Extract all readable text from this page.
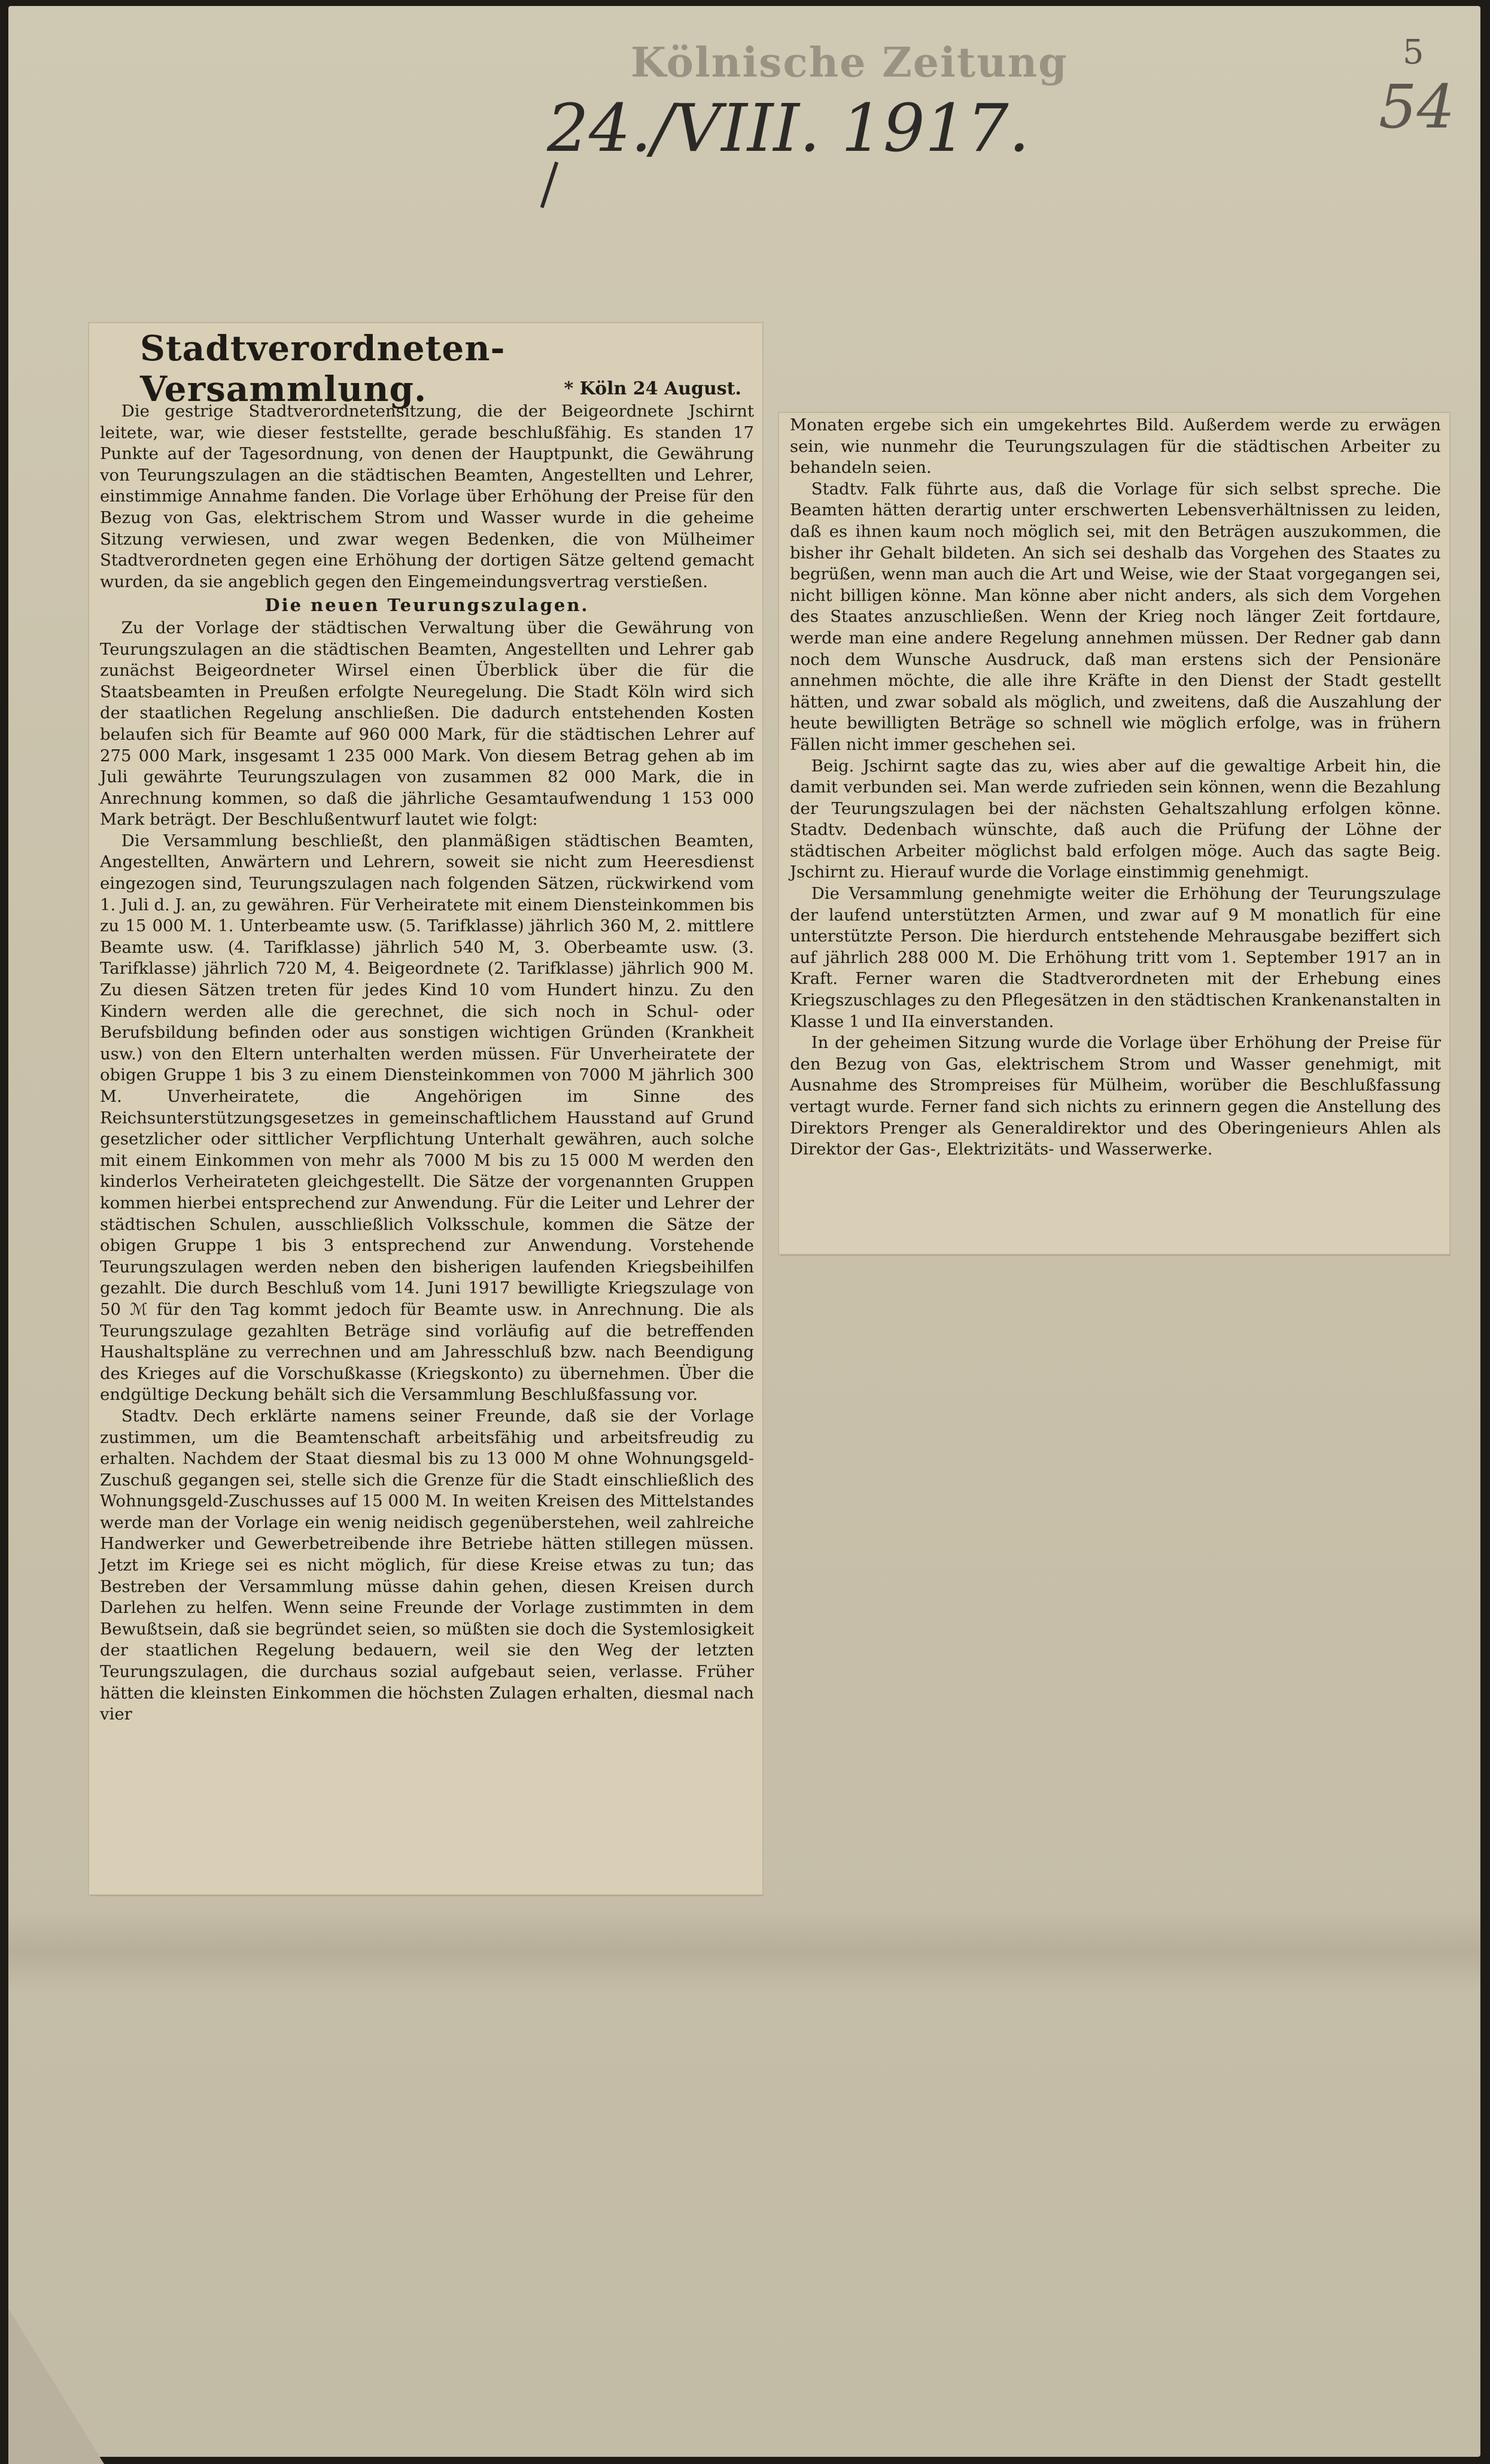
5
Kölnische Zeitung
24./VIII. 1917.	54
Stadtverordneten-Versammlung.	* Köln 24 August.

Die gestrige Stadtverordnetensitzung, die der Beigeordnete Jschirnt leitete, war, wie dieser feststellte, gerade beschlußfähig. Es standen 17 Punkte auf der Tagesordnung, von denen der Hauptpunkt, die Gewährung von Teurungszulagen an die städtischen Beamten, Angestellten und Lehrer, einstimmige Annahme fanden. Die Vorlage über Erhöhung der Preise für den Bezug von Gas, elektrischem Strom und Wasser wurde in die geheime Sitzung verwiesen, und zwar wegen Bedenken, die von Mülheimer Stadtverordneten gegen eine Erhöhung der dortigen Sätze geltend gemacht wurden, da sie angeblich gegen den Eingemeindungsvertrag verstießen.

Die neuen Teurungszulagen.

Zu der Vorlage der städtischen Verwaltung über die Gewährung von Teurungszulagen an die städtischen Beamten, Angestellten und Lehrer gab zunächst Beigeordneter Wirsel einen Überblick über die für die Staatsbeamten in Preußen erfolgte Neuregelung. Die Stadt Köln wird sich der staatlichen Regelung anschließen. Die dadurch entstehenden Kosten belaufen sich für Beamte auf 960 000 Mark, für die städtischen Lehrer auf 275 000 Mark, insgesamt 1 235 000 Mark. Von diesem Betrag gehen ab im Juli gewährte Teurungszulagen von zusammen 82 000 Mark, die in Anrechnung kommen, so daß die jährliche Gesamtaufwendung 1 153 000 Mark beträgt. Der Beschlußentwurf lautet wie folgt:

Die Versammlung beschließt, den planmäßigen städtischen Beamten, Angestellten, Anwärtern und Lehrern, soweit sie nicht zum Heeresdienst eingezogen sind, Teurungszulagen nach folgenden Sätzen, rückwirkend vom 1. Juli d. J. an, zu gewähren. Für Verheiratete mit einem Diensteinkommen bis zu 15 000 M. 1. Unterbeamte usw. (5. Tarifklasse) jährlich 360 M, 2. mittlere Beamte usw. (4. Tarifklasse) jährlich 540 M, 3. Oberbeamte usw. (3. Tarifklasse) jährlich 720 M, 4. Beigeordnete (2. Tarifklasse) jährlich 900 M. Zu diesen Sätzen treten für jedes Kind 10 vom Hundert hinzu. Zu den Kindern werden alle die gerechnet, die sich noch in Schul- oder Berufsbildung befinden oder aus sonstigen wichtigen Gründen (Krankheit usw.) von den Eltern unterhalten werden müssen. Für Unverheiratete der obigen Gruppe 1 bis 3 zu einem Diensteinkommen von 7000 M jährlich 300 M. Unverheiratete, die Angehörigen im Sinne des Reichsunterstützungsgesetzes in gemeinschaftlichem Hausstand auf Grund gesetzlicher oder sittlicher Verpflichtung Unterhalt gewähren, auch solche mit einem Einkommen von mehr als 7000 M bis zu 15 000 M werden den kinderlos Verheirateten gleichgestellt. Die Sätze der vorgenannten Gruppen kommen hierbei entsprechend zur Anwendung. Für die Leiter und Lehrer der städtischen Schulen, ausschließlich Volksschule, kommen die Sätze der obigen Gruppe 1 bis 3 entsprechend zur Anwendung. Vorstehende Teurungszulagen werden neben den bisherigen laufenden Kriegsbeihilfen gezahlt. Die durch Beschluß vom 14. Juni 1917 bewilligte Kriegszulage von 50 ℳ für den Tag kommt jedoch für Beamte usw. in Anrechnung. Die als Teurungszulage gezahlten Beträge sind vorläufig auf die betreffenden Haushaltspläne zu verrechnen und am Jahresschluß bzw. nach Beendigung des Krieges auf die Vorschußkasse (Kriegskonto) zu übernehmen. Über die endgültige Deckung behält sich die Versammlung Beschlußfassung vor.

Stadtv. Dech erklärte namens seiner Freunde, daß sie der Vorlage zustimmen, um die Beamtenschaft arbeitsfähig und arbeitsfreudig zu erhalten. Nachdem der Staat diesmal bis zu 13 000 M ohne Wohnungsgeld-Zuschuß gegangen sei, stelle sich die Grenze für die Stadt einschließlich des Wohnungsgeld-Zuschusses auf 15 000 M. In weiten Kreisen des Mittelstandes werde man der Vorlage ein wenig neidisch gegenüberstehen, weil zahlreiche Handwerker und Gewerbetreibende ihre Betriebe hätten stillegen müssen. Jetzt im Kriege sei es nicht möglich, für diese Kreise etwas zu tun; das Bestreben der Versammlung müsse dahin gehen, diesen Kreisen durch Darlehen zu helfen. Wenn seine Freunde der Vorlage zustimmten in dem Bewußtsein, daß sie begründet seien, so müßten sie doch die Systemlosigkeit der staatlichen Regelung bedauern, weil sie den Weg der letzten Teurungszulagen, die durchaus sozial aufgebaut seien, verlasse. Früher hätten die kleinsten Einkommen die höchsten Zulagen erhalten, diesmal nach vier

Monaten ergebe sich ein umgekehrtes Bild. Außerdem werde zu erwägen sein, wie nunmehr die Teurungszulagen für die städtischen Arbeiter zu behandeln seien.

Stadtv. Falk führte aus, daß die Vorlage für sich selbst spreche. Die Beamten hätten derartig unter erschwerten Lebensverhältnissen zu leiden, daß es ihnen kaum noch möglich sei, mit den Beträgen auszukommen, die bisher ihr Gehalt bildeten. An sich sei deshalb das Vorgehen des Staates zu begrüßen, wenn man auch die Art und Weise, wie der Staat vorgegangen sei, nicht billigen könne. Man könne aber nicht anders, als sich dem Vorgehen des Staates anzuschließen. Wenn der Krieg noch länger Zeit fortdaure, werde man eine andere Regelung annehmen müssen. Der Redner gab dann noch dem Wunsche Ausdruck, daß man erstens sich der Pensionäre annehmen möchte, die alle ihre Kräfte in den Dienst der Stadt gestellt hätten, und zwar sobald als möglich, und zweitens, daß die Auszahlung der heute bewilligten Beträge so schnell wie möglich erfolge, was in frühern Fällen nicht immer geschehen sei.

Beig. Jschirnt sagte das zu, wies aber auf die gewaltige Arbeit hin, die damit verbunden sei. Man werde zufrieden sein können, wenn die Bezahlung der Teurungszulagen bei der nächsten Gehaltszahlung erfolgen könne. Stadtv. Dedenbach wünschte, daß auch die Prüfung der Löhne der städtischen Arbeiter möglichst bald erfolgen möge. Auch das sagte Beig. Jschirnt zu. Hierauf wurde die Vorlage einstimmig genehmigt.

Die Versammlung genehmigte weiter die Erhöhung der Teurungszulage der laufend unterstützten Armen, und zwar auf 9 M monatlich für eine unterstützte Person. Die hierdurch entstehende Mehrausgabe beziffert sich auf jährlich 288 000 M. Die Erhöhung tritt vom 1. September 1917 an in Kraft. Ferner waren die Stadtverordneten mit der Erhebung eines Kriegszuschlages zu den Pflegesätzen in den städtischen Krankenanstalten in Klasse 1 und IIa einverstanden.

In der geheimen Sitzung wurde die Vorlage über Erhöhung der Preise für den Bezug von Gas, elektrischem Strom und Wasser genehmigt, mit Ausnahme des Strompreises für Mülheim, worüber die Beschlußfassung vertagt wurde. Ferner fand sich nichts zu erinnern gegen die Anstellung des Direktors Prenger als Generaldirektor und des Oberingenieurs Ahlen als Direktor der Gas-, Elektrizitäts- und Wasserwerke.
